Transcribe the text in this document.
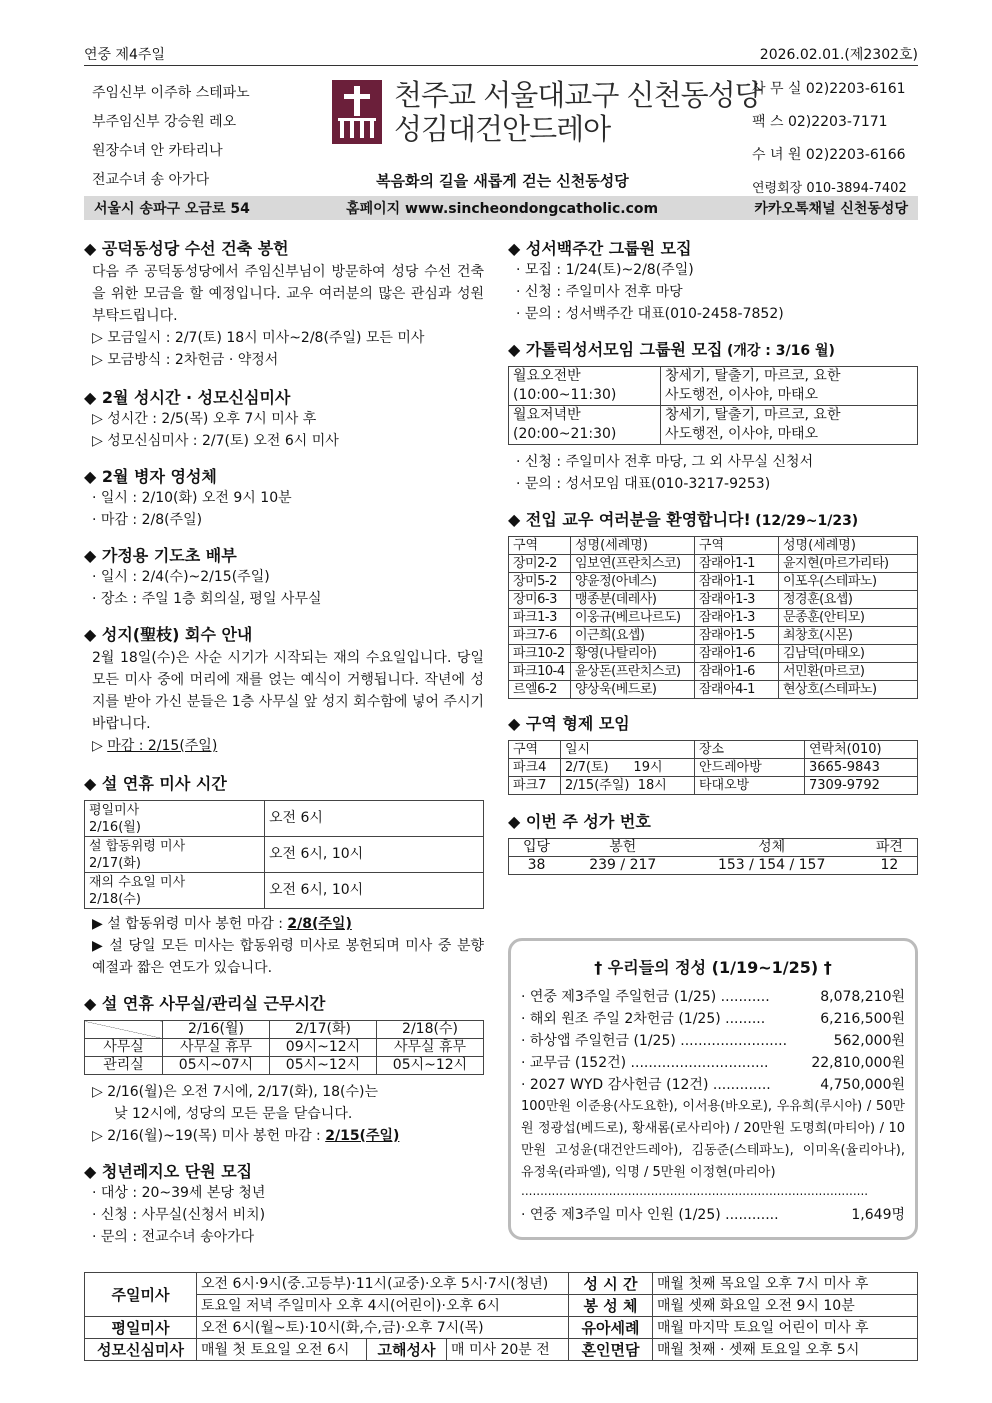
연중 제4주일	2026.02.01.(제2302호)
주임신부 이주하 스테파노
부주임신부 강승원 레오
원장수녀 안 카타리나
전교수녀 송 아가다
천주교 서울대교구 신천동성당
성김대건안드레아
복음화의 길을 새롭게 걷는 신천동성당
사 무 실 02)2203-6161
팩 스 02)2203-7171
수 녀 원 02)2203-6166
연령회장 010-3894-7402
서울시 송파구 오금로 54	홈페이지 www.sincheondongcatholic.com	카카오톡채널 신천동성당
◆ 공덕동성당 수선 건축 봉헌
다음 주 공덕동성당에서 주임신부님이 방문하여 성당 수선 건축을 위한 모금을 할 예정입니다. 교우 여러분의 많은 관심과 성원 부탁드립니다.
▷ 모금일시 : 2/7(토) 18시 미사~2/8(주일) 모든 미사
▷ 모금방식 : 2차헌금 · 약정서
◆ 2월 성시간 · 성모신심미사
▷ 성시간 : 2/5(목) 오후 7시 미사 후
▷ 성모신심미사 : 2/7(토) 오전 6시 미사
◆ 2월 병자 영성체
· 일시 : 2/10(화) 오전 9시 10분
· 마감 : 2/8(주일)
◆ 가정용 기도초 배부
· 일시 : 2/4(수)~2/15(주일)
· 장소 : 주일 1층 회의실, 평일 사무실
◆ 성지(聖枝) 회수 안내
2월 18일(수)은 사순 시기가 시작되는 재의 수요일입니다. 당일 모든 미사 중에 머리에 재를 얹는 예식이 거행됩니다. 작년에 성지를 받아 가신 분들은 1층 사무실 앞 성지 회수함에 넣어 주시기 바랍니다.
▷ 마감 : 2/15(주일)
◆ 설 연휴 미사 시간
평일미사
2/16(월)	오전 6시
설 합동위령 미사
2/17(화)	오전 6시, 10시
재의 수요일 미사
2/18(수)	오전 6시, 10시
▶ 설 합동위령 미사 봉헌 마감 : 2/8(주일)
▶ 설 당일 모든 미사는 합동위령 미사로 봉헌되며 미사 중 분향 예절과 짧은 연도가 있습니다.
◆ 설 연휴 사무실/관리실 근무시간
	2/16(월)	2/17(화)	2/18(수)
사무실	사무실 휴무	09시~12시	사무실 휴무
관리실	05시~07시	05시~12시	05시~12시
▷ 2/16(월)은 오전 7시에, 2/17(화), 18(수)는
낮 12시에, 성당의 모든 문을 닫습니다.
▷ 2/16(월)~19(목) 미사 봉헌 마감 : 2/15(주일)
◆ 청년레지오 단원 모집
· 대상 : 20~39세 본당 청년
· 신청 : 사무실(신청서 비치)
· 문의 : 전교수녀 송아가다
◆ 성서백주간 그룹원 모집
· 모집 : 1/24(토)~2/8(주일)
· 신청 : 주일미사 전후 마당
· 문의 : 성서백주간 대표(010-2458-7852)
◆ 가톨릭성서모임 그룹원 모집 (개강 : 3/16 월)
월요오전반
(10:00~11:30)	창세기, 탈출기, 마르코, 요한
사도행전, 이사야, 마태오
월요저녁반
(20:00~21:30)	창세기, 탈출기, 마르코, 요한
사도행전, 이사야, 마태오
· 신청 : 주일미사 전후 마당, 그 외 사무실 신청서
· 문의 : 성서모임 대표(010-3217-9253)
◆ 전입 교우 여러분을 환영합니다! (12/29~1/23)
구역	성명(세례명)	구역	성명(세례명)
장미2-2	임보연(프란치스코)	잠래아1-1	윤지현(마르가리타)
장미5-2	양윤정(아녜스)	잠래아1-1	이포우(스테파노)
장미6-3	맹종분(데레사)	잠래아1-3	정경훈(요셉)
파크1-3	이웅규(베르나르도)	잠래아1-3	문종훈(안티모)
파크7-6	이근희(요셉)	잠래아1-5	최창호(시몬)
파크10-2	황영(나탈리아)	잠래아1-6	김남덕(마태오)
파크10-4	윤상돈(프란치스코)	잠래아1-6	서민환(마르코)
르엘6-2	양상욱(베드로)	잠래아4-1	현상호(스테파노)
◆ 구역 형제 모임
구역	일시	장소	연락처(010)
파크4	2/7(토)      19시	안드레아방	3665-9843
파크7	2/15(주일)  18시	타대오방	7309-9792
◆ 이번 주 성가 번호
입당	봉헌	성체	파견
38	239 / 217	153 / 154 / 157	12
† 우리들의 정성 (1/19~1/25) †
· 연중 제3주일 주일헌금 (1/25) ...........	8,078,210원
· 해외 원조 주일 2차헌금 (1/25) .........	6,216,500원
· 하상앱 주일헌금 (1/25) ........................	562,000원
· 교무금 (152건) ...............................	22,810,000원
· 2027 WYD 감사헌금 (12건) .............	4,750,000원
100만원 이준용(사도요한), 이서용(바오로), 우유희(루시아) / 50만원 정광섭(베드로), 황새롬(로사리아) / 20만원 도명희(마티아) / 10만원 고성윤(대건안드레아), 김동준(스테파노), 이미옥(율리아나), 유정욱(라파엘), 익명 / 5만원 이정현(마리아)
...........................................................................................
· 연중 제3주일 미사 인원 (1/25) ............	1,649명
주일미사	오전 6시·9시(중.고등부)·11시(교중)·오후 5시·7시(청년)			성 시 간	매월 첫째 목요일 오후 7시 미사 후
	토요일 저녁 주일미사 오후 4시(어린이)·오후 6시			봉 성 체	매월 셋째 화요일 오전 9시 10분
평일미사	오전 6시(월~토)·10시(화,수,금)·오후 7시(목)			유아세례	매월 마지막 토요일 어린이 미사 후
성모신심미사	매월 첫 토요일 오전 6시	고해성사	매 미사 20분 전	혼인면담	매월 첫째 · 셋째 토요일 오후 5시
